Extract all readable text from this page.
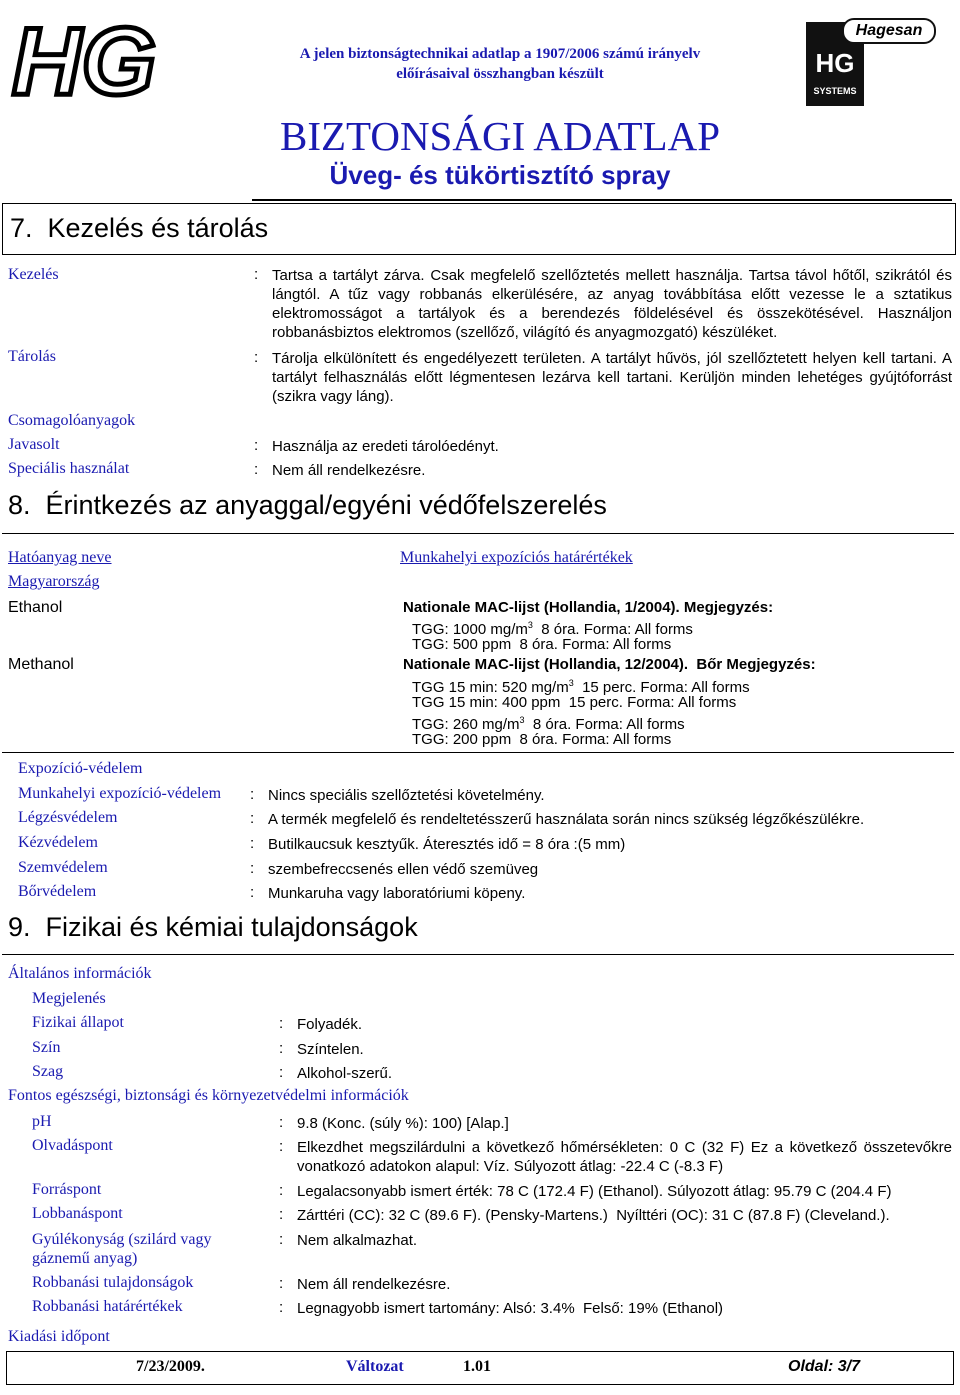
HG	A jelen biztonságtechnikai adatlap a 1907/2006 számú irányelv
előírásaival összhangban készült
BIZTONSÁGI ADATLAP
Üveg- és tükörtisztító spray
HG
SYSTEMS
Hagesan
7.  Kezelés és tárolás
Kezelés	: Tartsa a tartályt zárva. Csak megfelelő szellőztetés mellett használja. Tartsa távol hőtől, szikrától és lángtól. A tűz vagy robbanás elkerülésére, az anyag továbbítása előtt vezesse le a sztatikus elektromosságot a tartályok és a berendezés földelésével és összekötésével. Használjon robbanásbiztos elektromos (szellőző, világító és anyagmozgató) készüléket.
Tárolás	: Tárolja elkülönített és engedélyezett területen. A tartályt hűvös, jól szellőztetett helyen kell tartani. A tartályt felhasználás előtt légmentesen lezárva kell tartani. Kerüljön minden lehetéges gyújtóforrást (szikra vagy láng).
Csomagolóanyagok
Javasolt	: Használja az eredeti tárolóedényt.
Speciális használat	: Nem áll rendelkezésre.
8.  Érintkezés az anyaggal/egyéni védőfelszerelés
Hatóanyag neve	Munkahelyi expozíciós határértékek
Magyarország
Ethanol	Nationale MAC-lijst (Hollandia, 1/2004). Megjegyzés:
TGG: 1000 $mg/m^3$  8 óra. Forma: All forms
TGG: 500 ppm  8 óra. Forma: All forms
Methanol	Nationale MAC-lijst (Hollandia, 12/2004).  Bőr Megjegyzés:
TGG 15 min: 520 $mg/m^3$  15 perc. Forma: All forms
TGG 15 min: 400 ppm  15 perc. Forma: All forms
TGG: 260 $mg/m^3$  8 óra. Forma: All forms
TGG: 200 ppm  8 óra. Forma: All forms
Expozíció-védelem
Munkahelyi expozíció-védelem : Nincs speciális szellőztetési követelmény.
Légzésvédelem	: A termék megfelelő és rendeltetésszerű használata során nincs szükség légzőkészülékre.
Kézvédelem	: Butilkaucsuk kesztyűk. Áteresztés idő = 8 óra :(5 mm)
Szemvédelem	: szembefreccsenés ellen védő szemüveg
Bőrvédelem	: Munkaruha vagy laboratóriumi köpeny.
9.  Fizikai és kémiai tulajdonságok
Általános információk
Megjelenés
Fizikai állapot	: Folyadék.
Szín	: Színtelen.
Szag	: Alkohol-szerű.
Fontos egészségi, biztonsági és környezetvédelmi információk
pH	: 9.8 (Konc. (súly %): 100) [Alap.]
Olvadáspont	: Elkezdhet megszilárdulni a következő hőmérsékleten: 0 C (32 F) Ez a következő összetevőkre vonatkozó adatokon alapul: Víz. Súlyozott átlag: -22.4 C (-8.3 F)
Forráspont	: Legalacsonyabb ismert érték: 78 C (172.4 F) (Ethanol). Súlyozott átlag: 95.79 C (204.4 F)
Lobbanáspont	: Zárttéri (CC): 32 C (89.6 F). (Pensky-Martens.)  Nyílttéri (OC): 31 C (87.8 F) (Cleveland.).
Gyúlékonyság (szilárd vagy gáznemű anyag)
: Nem alkalmazhat.
Robbanási tulajdonságok	: Nem áll rendelkezésre.
Robbanási határértékek	: Legnagyobb ismert tartomány: Alsó: 3.4%  Felső: 19% (Ethanol)
Kiadási időpont
7/23/2009.	Változat	1.01	Oldal: 3/7
